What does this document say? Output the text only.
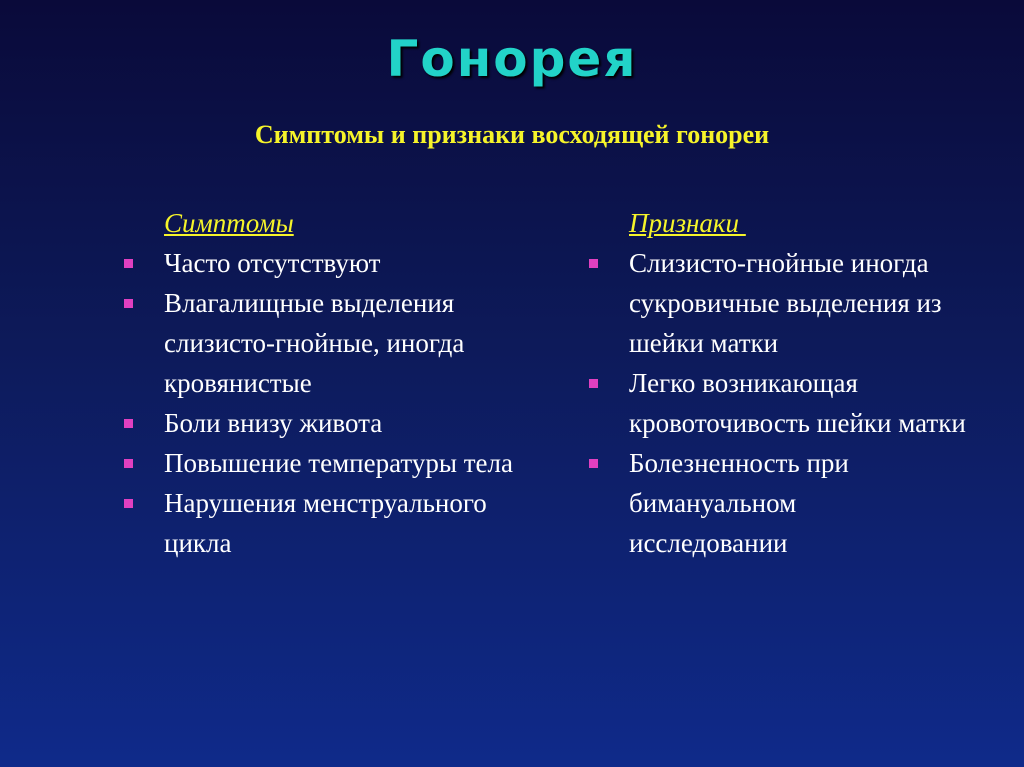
Гонорея
Симптомы и признаки восходящей гонореи
Симптомы
Часто отсутствуют
Влагалищные выделения слизисто-гнойные, иногда кровянистые
Боли внизу живота
Повышение температуры тела
Нарушения менструального цикла
Признаки
Слизисто-гнойные иногда сукровичные выделения из шейки матки
Легко возникающая кровоточивость шейки матки
Болезненность при бимануальном исследовании
